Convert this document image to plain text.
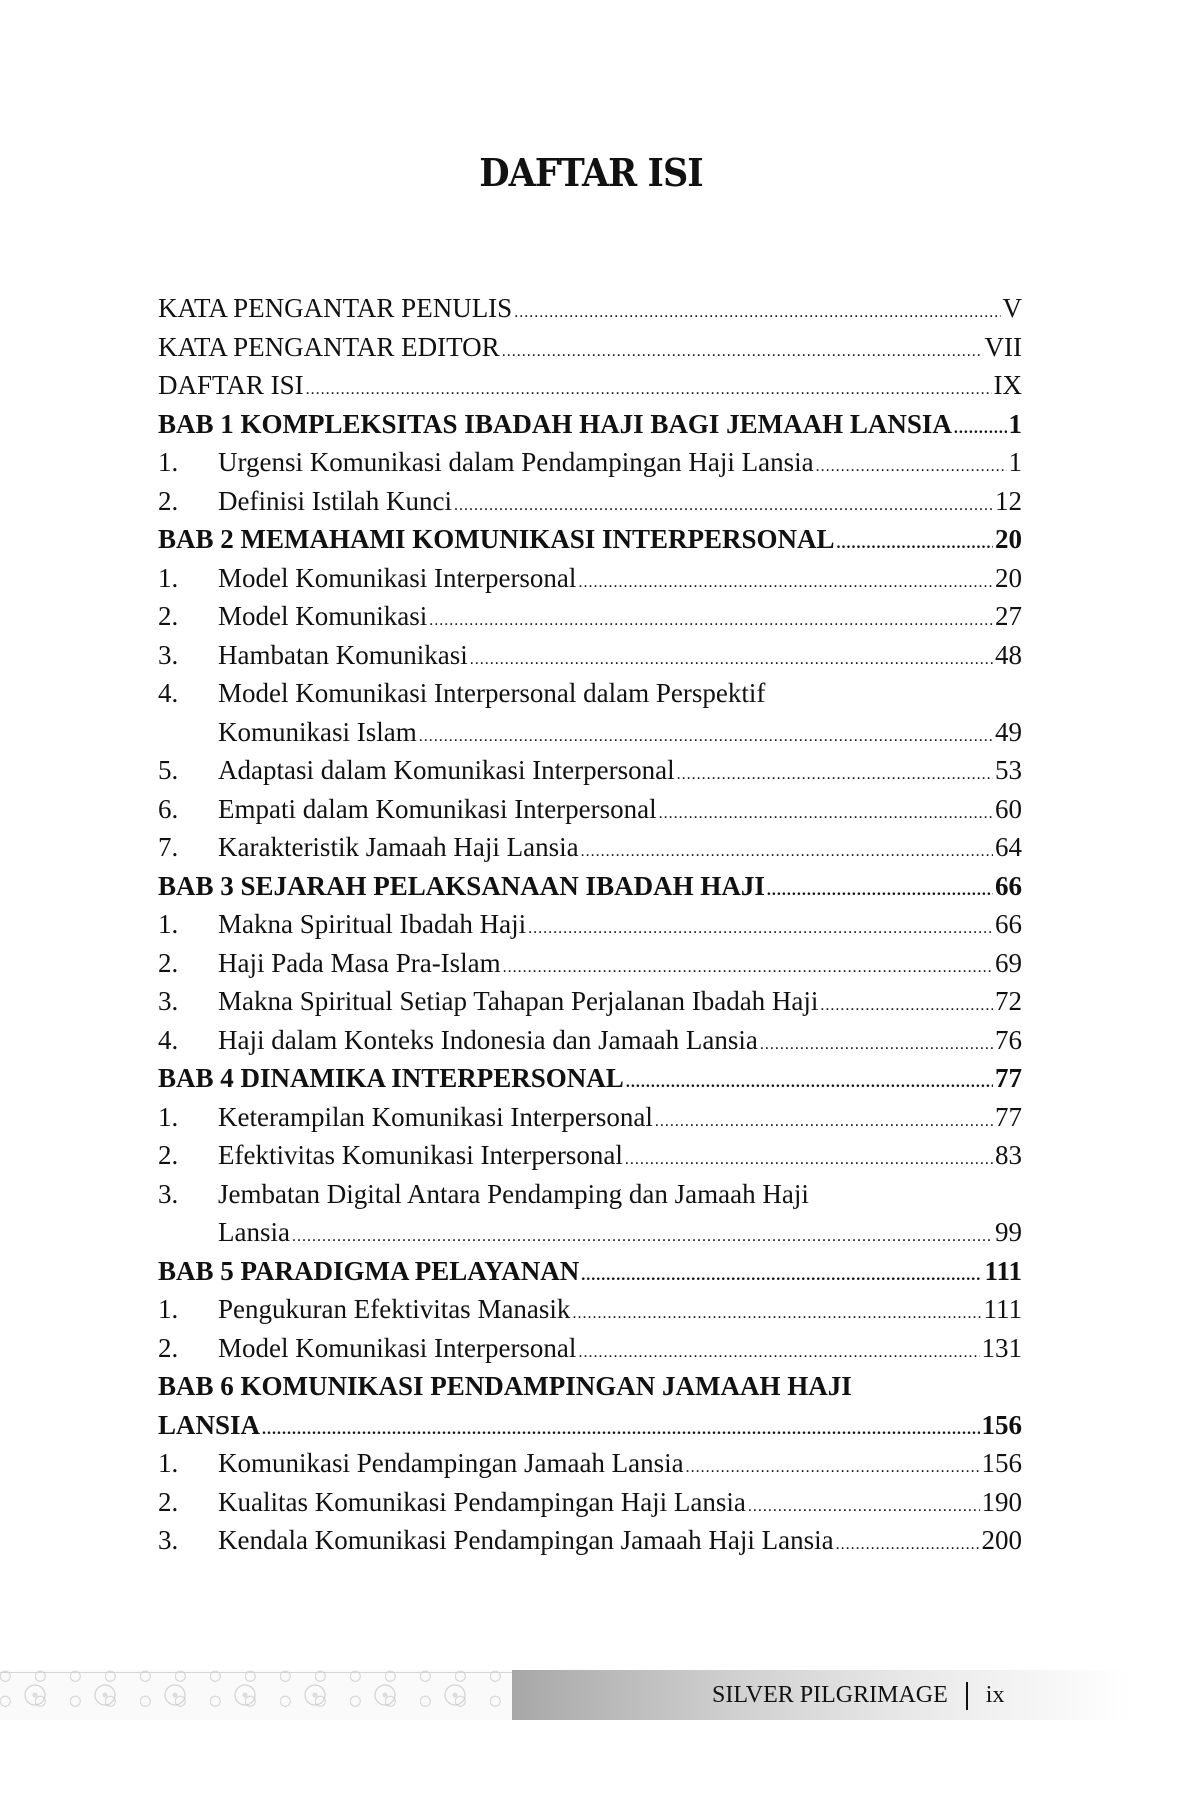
DAFTAR ISI
KATA PENGANTAR PENULIS .....	V
KATA PENGANTAR EDITOR .....	VII
DAFTAR ISI .....	IX
BAB 1 KOMPLEKSITAS IBADAH HAJI BAGI JEMAAH LANSIA ..... 1
1.	Urgensi Komunikasi dalam Pendampingan Haji Lansia .....	1
2.	Definisi Istilah Kunci .....	12
BAB 2 MEMAHAMI KOMUNIKASI INTERPERSONAL .....	20
1.	Model Komunikasi Interpersonal .....	20
2.	Model Komunikasi .....	27
3.	Hambatan Komunikasi .....	48
4.	Model Komunikasi Interpersonal dalam Perspektif
Komunikasi Islam .....	49
5.	Adaptasi dalam Komunikasi Interpersonal .....	53
6.	Empati dalam Komunikasi Interpersonal .....	60
7.	Karakteristik Jamaah Haji Lansia .....	64
BAB 3 SEJARAH PELAKSANAAN IBADAH HAJI .....	66
1.	Makna Spiritual Ibadah Haji .....	66
2.	Haji Pada Masa Pra-Islam .....	69
3.	Makna Spiritual Setiap Tahapan Perjalanan Ibadah Haji .....	72
4.	Haji dalam Konteks Indonesia dan Jamaah Lansia .....	76
BAB 4 DINAMIKA INTERPERSONAL .....	77
1.	Keterampilan Komunikasi Interpersonal .....	77
2.	Efektivitas Komunikasi Interpersonal .....	83
3.	Jembatan Digital Antara Pendamping dan Jamaah Haji
Lansia .....	99
BAB 5 PARADIGMA PELAYANAN .....	111
1.	Pengukuran Efektivitas Manasik .....	111
2.	Model Komunikasi Interpersonal .....	131
BAB 6 KOMUNIKASI PENDAMPINGAN JAMAAH HAJI
LANSIA .....	156
1.	Komunikasi Pendampingan Jamaah Lansia .....	156
2.	Kualitas Komunikasi Pendampingan Haji Lansia .....	190
3.	Kendala Komunikasi Pendampingan Jamaah Haji Lansia .....	200
SILVER PILGRIMAGE ix
